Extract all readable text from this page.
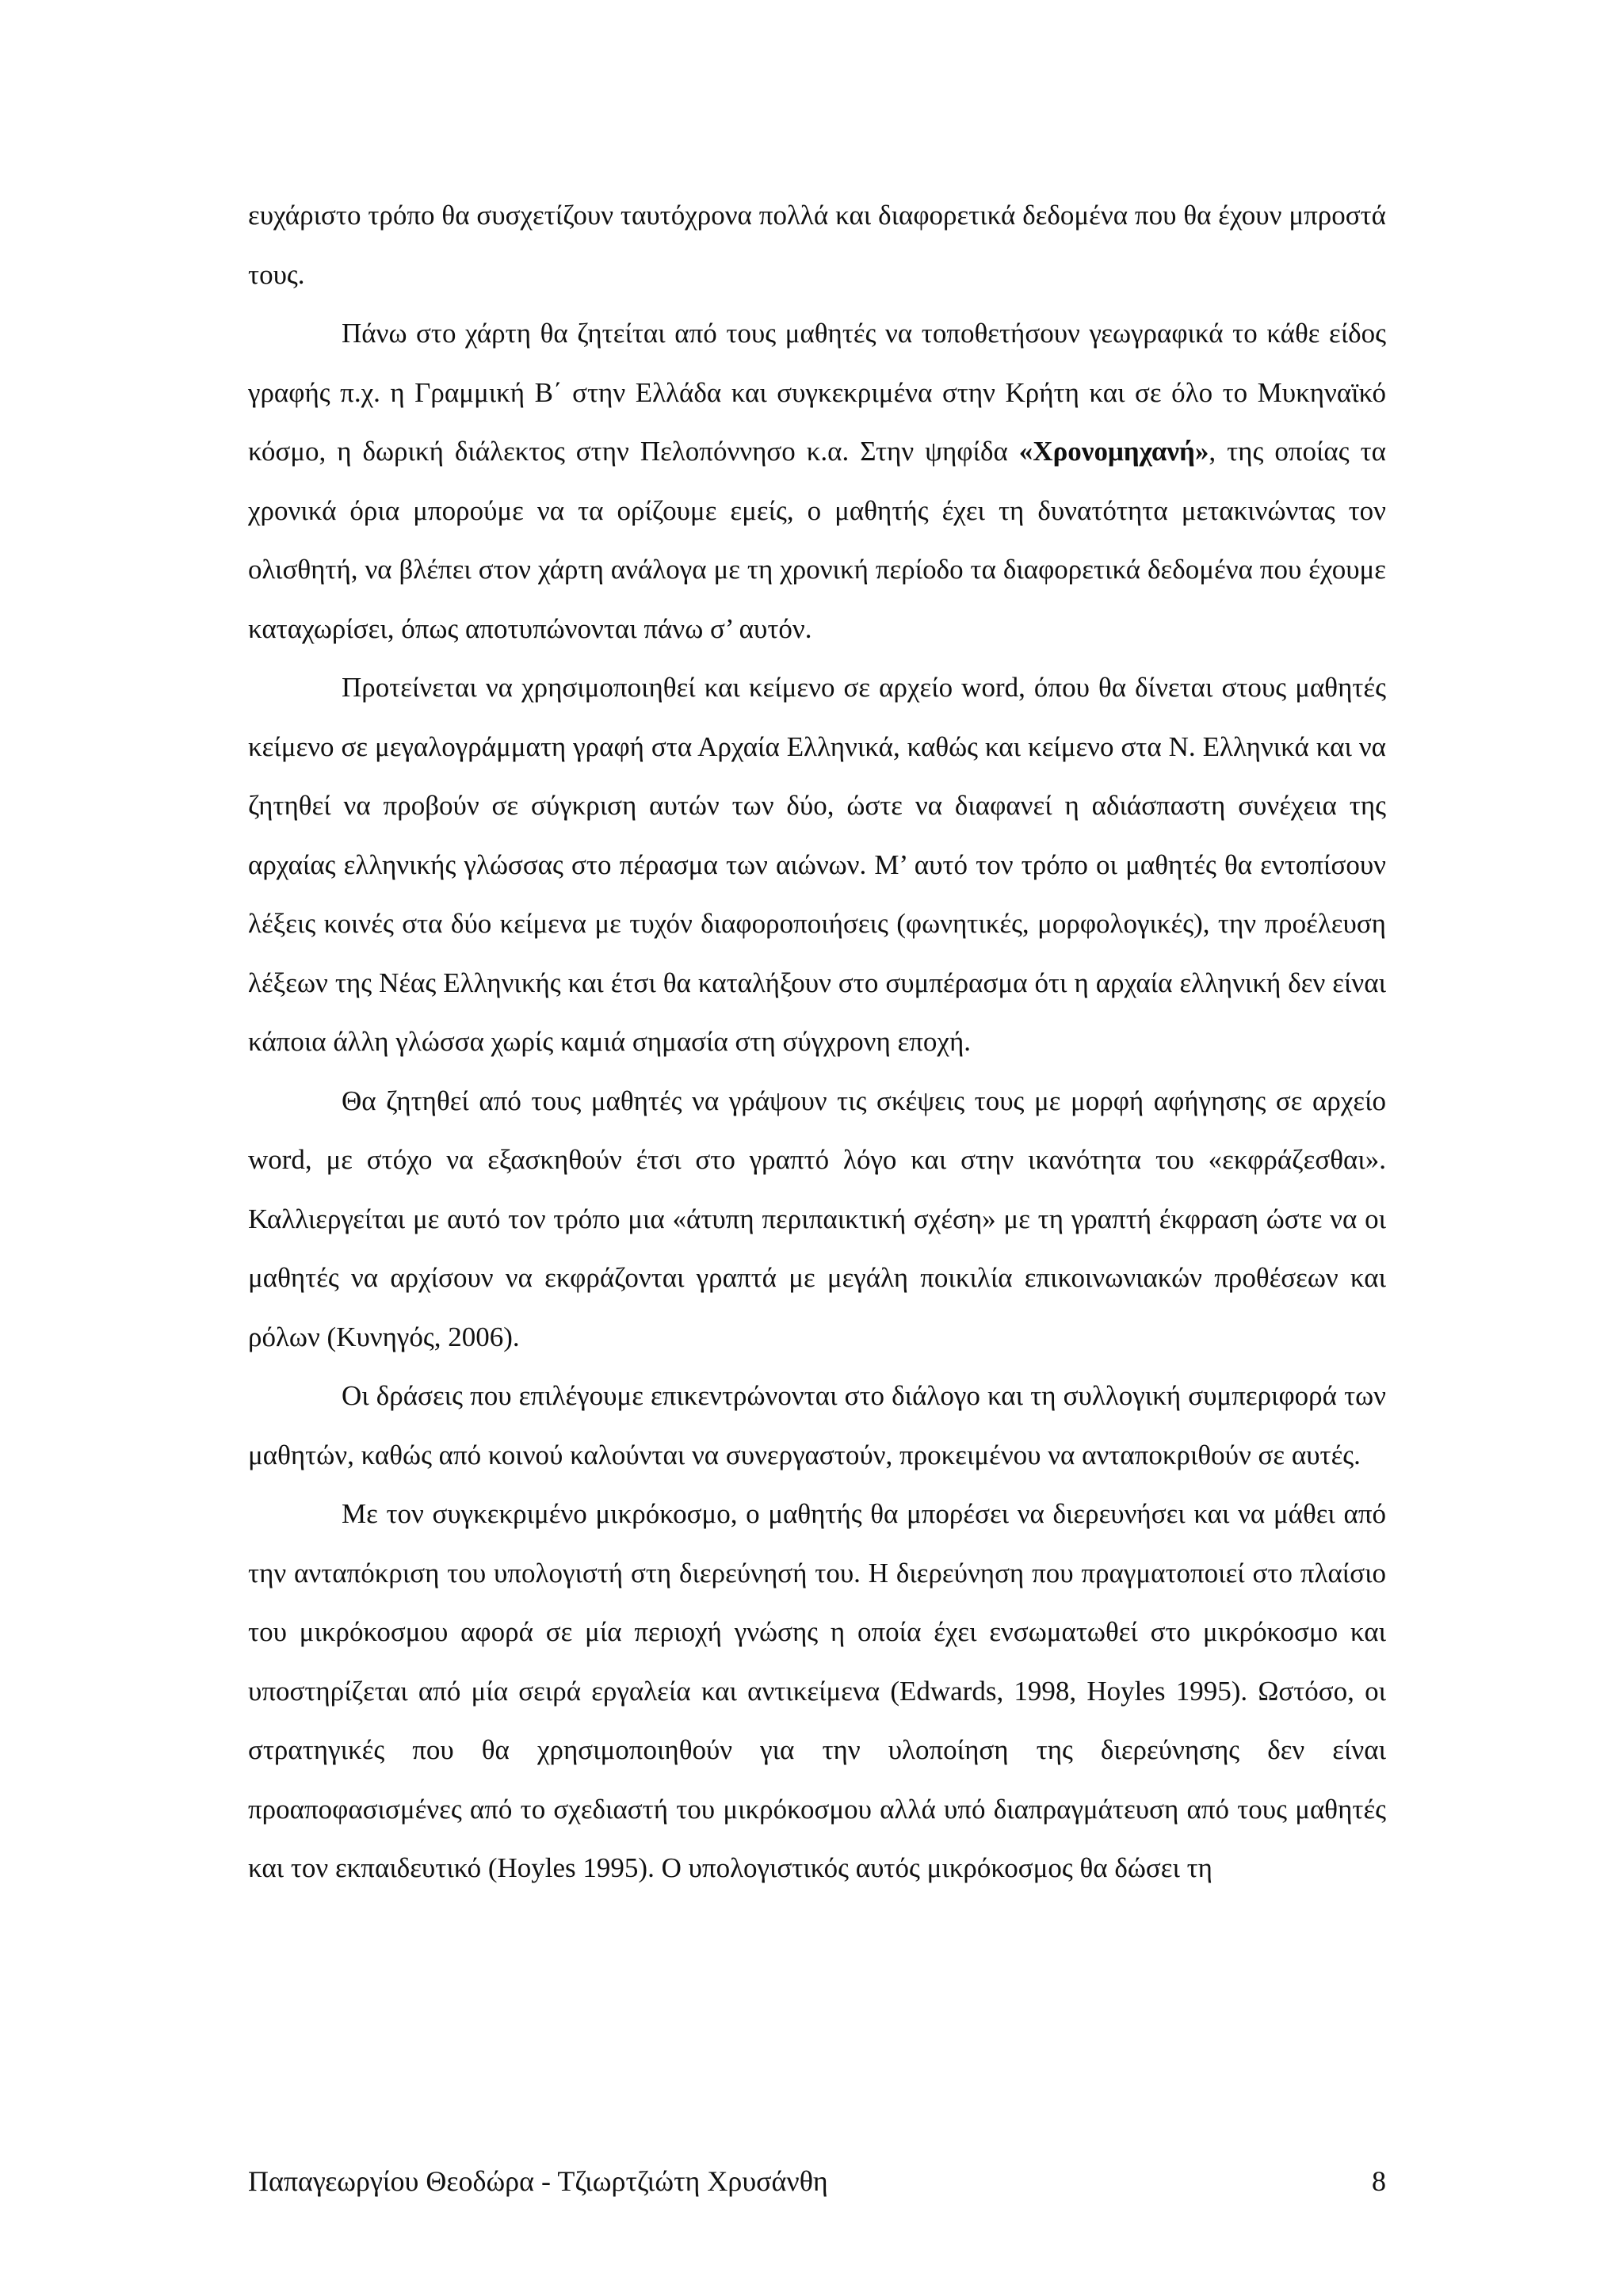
ευχάριστο τρόπο θα συσχετίζουν ταυτόχρονα πολλά και διαφορετικά δεδομένα που θα έχουν μπροστά τους.

Πάνω στο χάρτη θα ζητείται από τους μαθητές να τοποθετήσουν γεωγραφικά το κάθε είδος γραφής π.χ. η Γραμμική Β΄ στην Ελλάδα και συγκεκριμένα στην Κρήτη και σε όλο το Μυκηναϊκό κόσμο, η δωρική διάλεκτος στην Πελοπόννησο κ.α. Στην ψηφίδα «Χρονομηχανή», της οποίας τα χρονικά όρια μπορούμε να τα ορίζουμε εμείς, ο μαθητής έχει τη δυνατότητα μετακινώντας τον ολισθητή, να βλέπει στον χάρτη ανάλογα με τη χρονική περίοδο τα διαφορετικά δεδομένα που έχουμε καταχωρίσει, όπως αποτυπώνονται πάνω σ’ αυτόν.

Προτείνεται να χρησιμοποιηθεί και κείμενο σε αρχείο word, όπου θα δίνεται στους μαθητές κείμενο σε μεγαλογράμματη γραφή στα Αρχαία Ελληνικά, καθώς και κείμενο στα Ν. Ελληνικά και να ζητηθεί να προβούν σε σύγκριση αυτών των δύο, ώστε να διαφανεί η αδιάσπαστη συνέχεια της αρχαίας ελληνικής γλώσσας στο πέρασμα των αιώνων. Μ’ αυτό τον τρόπο οι μαθητές θα εντοπίσουν λέξεις κοινές στα δύο κείμενα με τυχόν διαφοροποιήσεις (φωνητικές, μορφολογικές), την προέλευση λέξεων της Νέας Ελληνικής και έτσι θα καταλήξουν στο συμπέρασμα ότι η αρχαία ελληνική δεν είναι κάποια άλλη γλώσσα χωρίς καμιά σημασία στη σύγχρονη εποχή.

Θα ζητηθεί από τους μαθητές να γράψουν τις σκέψεις τους με μορφή αφήγησης σε αρχείο word, με στόχο να εξασκηθούν έτσι στο γραπτό λόγο και στην ικανότητα του «εκφράζεσθαι». Καλλιεργείται με αυτό τον τρόπο μια «άτυπη περιπαικτική σχέση» με τη γραπτή έκφραση ώστε να οι μαθητές να αρχίσουν να εκφράζονται γραπτά με μεγάλη ποικιλία επικοινωνιακών προθέσεων και ρόλων (Κυνηγός, 2006).

Οι δράσεις που επιλέγουμε επικεντρώνονται στο διάλογο και τη συλλογική συμπεριφορά των μαθητών, καθώς από κοινού καλούνται να συνεργαστούν, προκειμένου να ανταποκριθούν σε αυτές.

Με τον συγκεκριμένο μικρόκοσμο, ο μαθητής θα μπορέσει να διερευνήσει και να μάθει από την ανταπόκριση του υπολογιστή στη διερεύνησή του. Η διερεύνηση που πραγματοποιεί στο πλαίσιο του μικρόκοσμου αφορά σε μία περιοχή γνώσης η οποία έχει ενσωματωθεί στο μικρόκοσμο και υποστηρίζεται από μία σειρά εργαλεία και αντικείμενα (Edwards, 1998, Hoyles 1995). Ωστόσο, οι στρατηγικές που θα χρησιμοποιηθούν για την υλοποίηση της διερεύνησης δεν είναι προαποφασισμένες από το σχεδιαστή του μικρόκοσμου αλλά υπό διαπραγμάτευση από τους μαθητές και τον εκπαιδευτικό (Hoyles 1995). Ο υπολογιστικός αυτός μικρόκοσμος θα δώσει τη

Παπαγεωργίου Θεοδώρα - Τζιωρτζιώτη Χρυσάνθη	8
